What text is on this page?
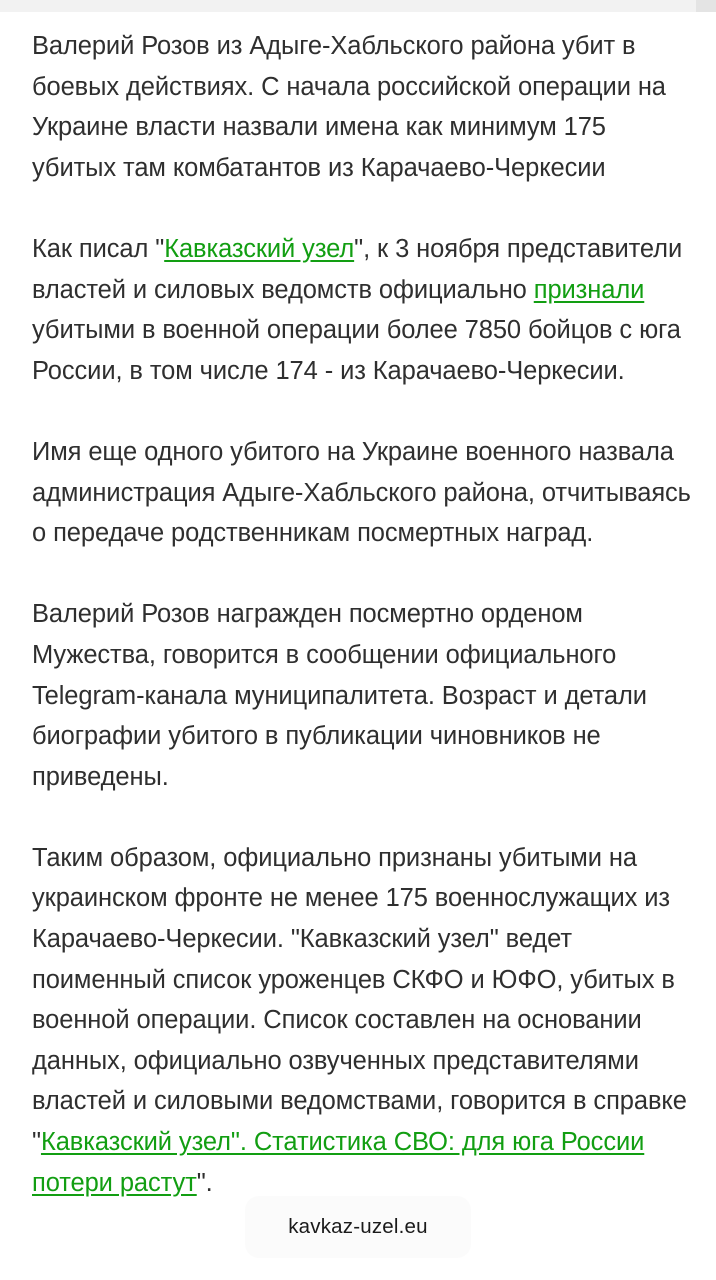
Валерий Розов из Адыге-Хабльского района убит в боевых действиях. С начала российской операции на Украине власти назвали имена как минимум 175 убитых там комбатантов из Карачаево-Черкесии

Как писал "Кавказский узел", к 3 ноября представители властей и силовых ведомств официально признали убитыми в военной операции более 7850 бойцов с юга России, в том числе 174 - из Карачаево-Черкесии.

Имя еще одного убитого на Украине военного назвала администрация Адыге-Хабльского района, отчитываясь о передаче родственникам посмертных наград.

Валерий Розов награжден посмертно орденом Мужества, говорится в сообщении официального Telegram-канала муниципалитета. Возраст и детали биографии убитого в публикации чиновников не приведены.

Таким образом, официально признаны убитыми на украинском фронте не менее 175 военнослужащих из Карачаево-Черкесии. "Кавказский узел" ведет поименный список уроженцев СКФО и ЮФО, убитых в военной операции. Список составлен на основании данных, официально озвученных представителями властей и силовыми ведомствами, говорится в справке "Кавказский узел". Статистика СВО: для юга России потери растут".

kavkaz-uzel.eu
